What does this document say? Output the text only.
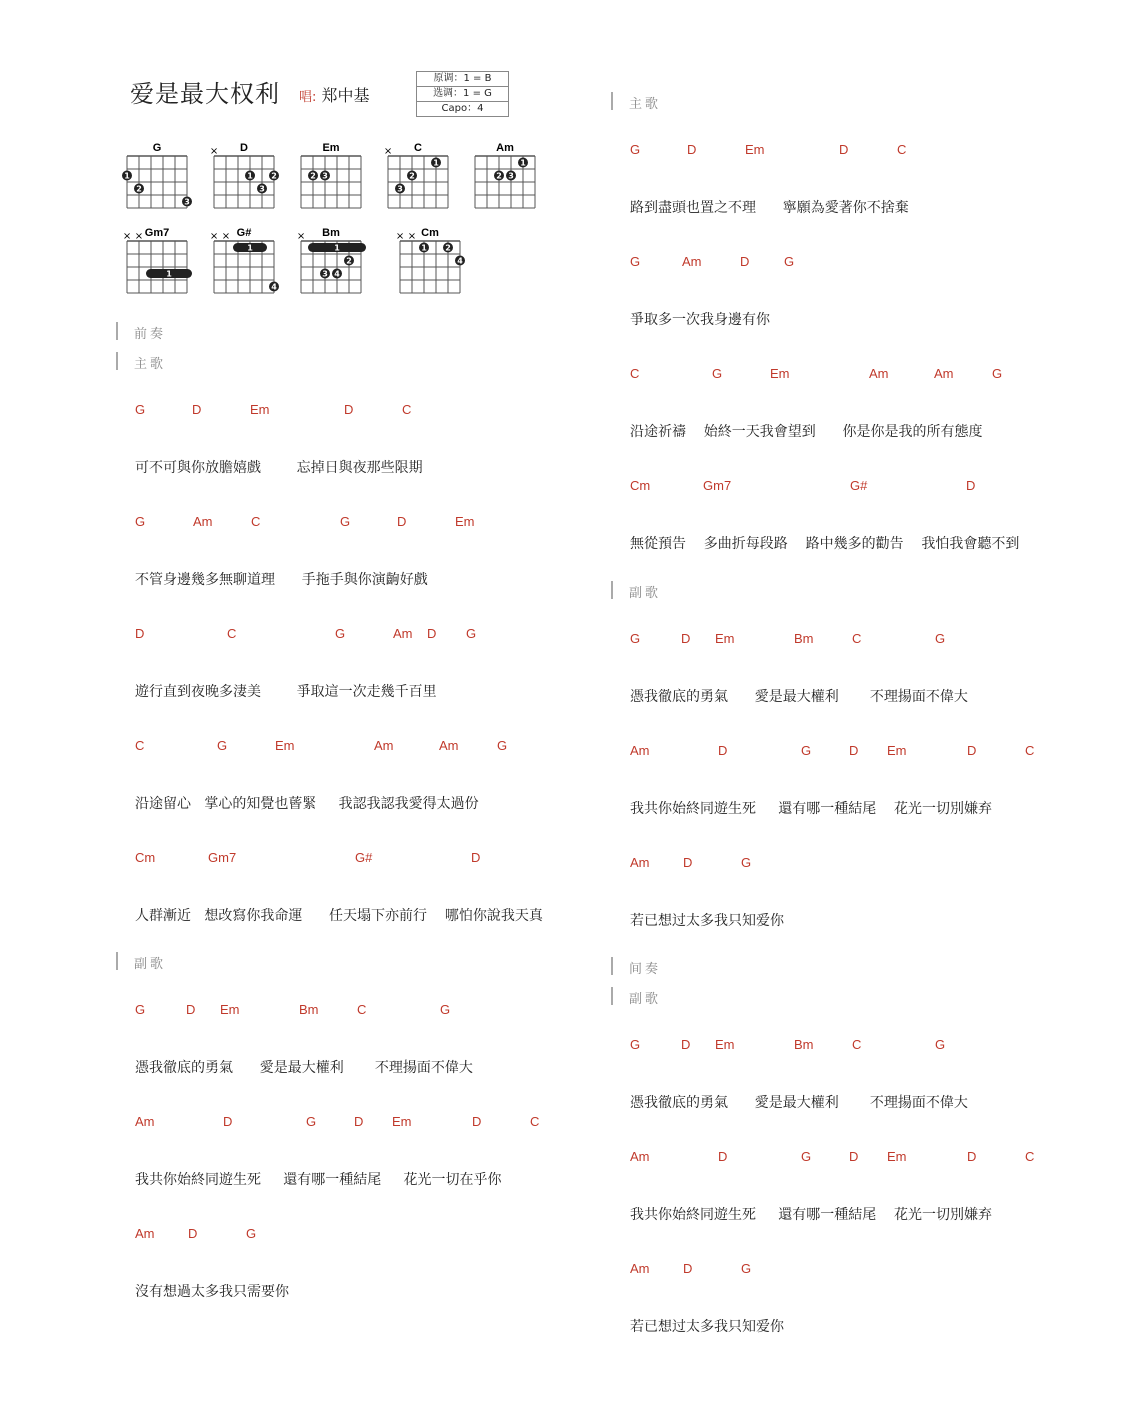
爱是最大权利 唱: 郑中基
原调：1 = B
选调：1 = G
Capo：4
G
2
1
3
D
×
1 2
3
Em
2 3
C
×
1
2
3
Am
1
2 3
Gm7
× ×
1
G#
× ×
1
4
Bm
×
1
2
3 4
Cm
× ×
1 2
4
前奏
主歌
G	D	Em	D	C
可不可與你放膽嬉戲        忘掉日與夜那些限期
G	Am	C	G	D	Em
不管身邊幾多無聊道理      手拖手與你演齣好戲
D	C	G	Am D G
遊行直到夜晚多淒美        爭取這一次走幾千百里
C	G	Em	Am	Am	G
沿途留心   掌心的知覺也蒈緊     我認我認我愛得太過份
Cm	Gm7	G#	D
人群漸近   想改寫你我命運      任天塌下亦前行    哪怕你說我天真
副歌
G	D Em	Bm	C	G
憑我徹底的勇氣      愛是最大權利       不理揚面不偉大
Am	D	G	D Em	D	C
我共你始終同遊生死     還有哪一種結尾     花光一切在乎你
Am	D	G
沒有想過太多我只需要你
主歌
G	D	Em	D	C
路到盡頭也置之不理      寧願為愛著你不捨棄
G	Am	D	G
爭取多一次我身邊有你
C	G	Em	Am	Am	G
沿途祈禱    始終一天我會望到      你是你是我的所有態度
Cm	Gm7	G#	D
無從預告    多曲折每段路    路中幾多的勸告    我怕我會聽不到
副歌
G	D Em	Bm	C	G
憑我徹底的勇氣      愛是最大權利       不理揚面不偉大
Am	D	G	D Em	D	C
我共你始終同遊生死     還有哪一種結尾    花光一切別嫌弃
Am	D	G
若已想过太多我只知爱你
间奏
副歌
G	D Em	Bm	C	G
憑我徹底的勇氣      愛是最大權利       不理揚面不偉大
Am	D	G	D Em	D	C
我共你始終同遊生死     還有哪一種結尾    花光一切別嫌弃
Am	D	G
若已想过太多我只知爱你
